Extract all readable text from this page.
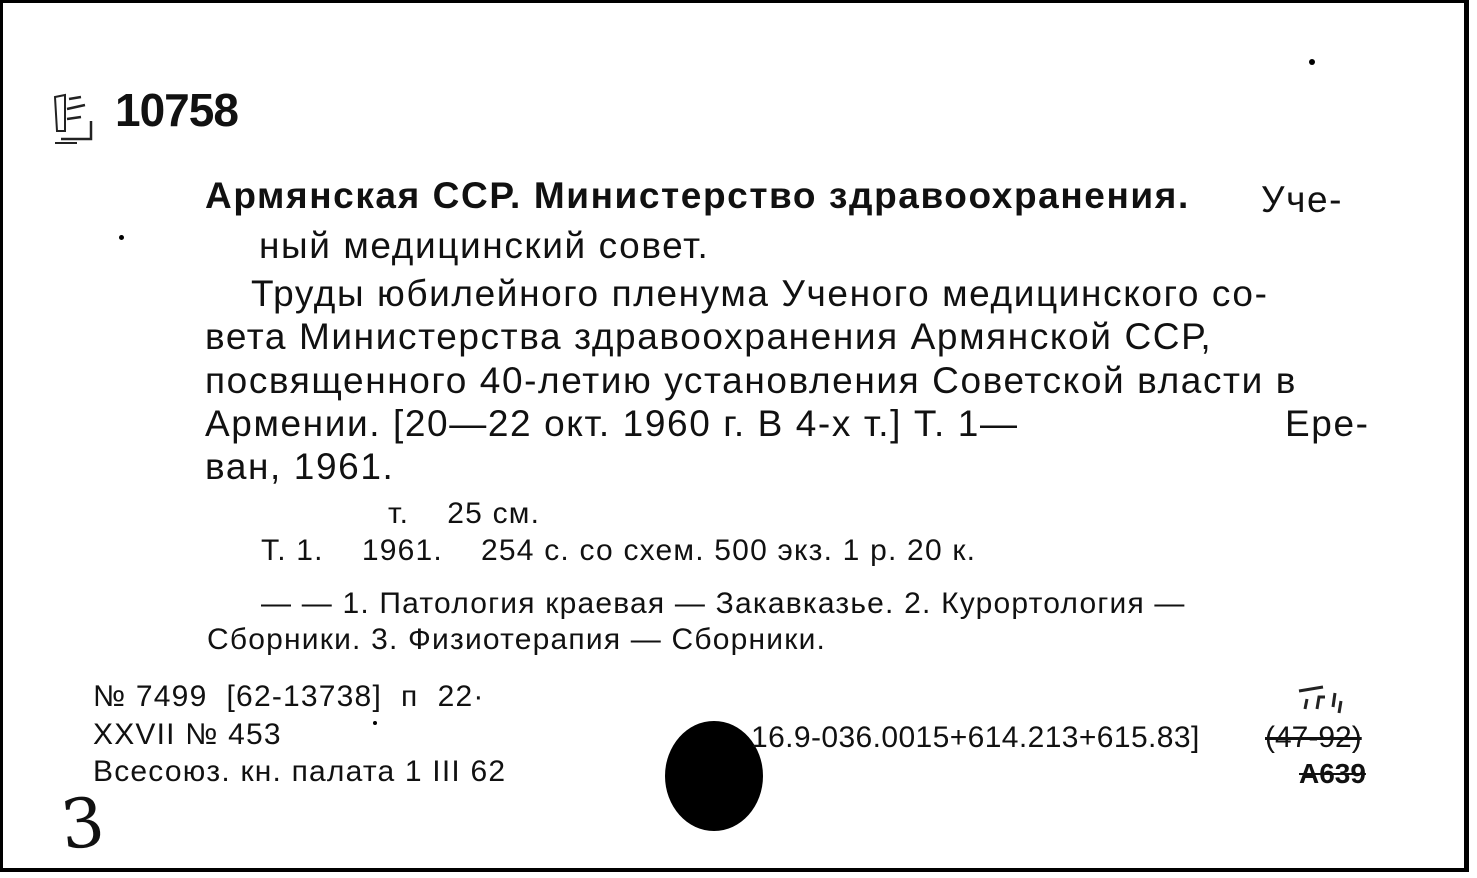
10758
Армянская ССР. Министерство здравоохранения. Уче-
ный медицинский совет.
Труды юбилейного пленума Ученого медицинского со-
вета Министерства здравоохранения Армянской ССР,
посвященного 40-летию установления Советской власти в
Армении. [20—22 окт. 1960 г. В 4-х т.] Т. 1—	Ере-
ван, 1961.
т.    25 см.
Т. 1.    1961.    254 с. со схем. 500 экз. 1 р. 20 к.
— — 1. Патология краевая — Закавказье. 2. Курортология —
Сборники. 3. Физиотерапия — Сборники.
№ 7499  [62-13738]  п  22·
XXVII № 453
Всесоюз. кн. палата 1 III 62
16.9-036.0015+614.213+615.83] (47-92)
А639
3
